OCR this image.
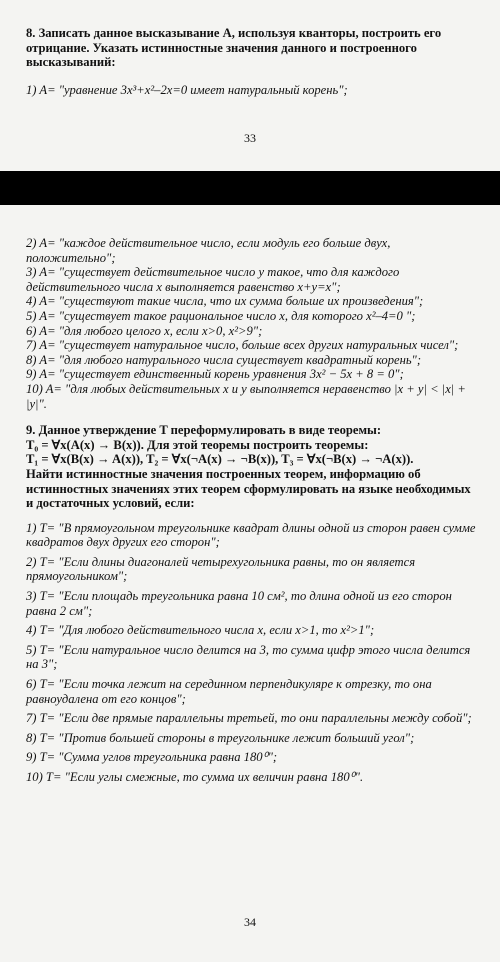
8. Записать данное высказывание A, используя кванторы, построить его отрицание. Указать истинностные значения данного и построенного высказываний:

1) A= "уравнение 3x³+x²–2x=0 имеет натуральный корень";

33

2) A= "каждое действительное число, если модуль его больше двух, положительно";

3) A= "существует действительное число y такое, что для каждого действительного числа x выполняется равенство x+y=x";

4) A= "существуют такие числа, что их сумма больше их произведения";

5) A= "существует такое рациональное число x, для которого x²–4=0 ";

6) A= "для любого целого x, если x>0, x²>9";

7) A= "существует натуральное число, больше всех других натуральных чисел";

8) A= "для любого натурального числа существует квадратный корень";

9) A= "существует единственный корень уравнения 3x² − 5x + 8 = 0";

10) A= "для любых действительных x и y выполняется неравенство |x + y| < |x| + |y|".

9. Данное утверждение T переформулировать в виде теоремы:

T₀ = ∀x(A(x) → B(x)). Для этой теоремы построить теоремы:

T₁ = ∀x(B(x) → A(x)), T₂ = ∀x(¬A(x) → ¬B(x)), T₃ = ∀x(¬B(x) → ¬A(x)).

Найти истинностные значения построенных теорем, информацию об истинностных значениях этих теорем сформулировать на языке необходимых и достаточных условий, если:

1) T= "В прямоугольном треугольнике квадрат длины одной из сторон равен сумме квадратов двух других его сторон";

2) T= "Если длины диагоналей четырехугольника равны, то он является прямоугольником";

3) T= "Если площадь треугольника равна 10 см², то длина одной из его сторон равна 2 см";

4) T= "Для любого действительного числа x, если x>1, то x²>1";

5) T= "Если натуральное число делится на 3, то сумма цифр этого числа делится на 3";

6) T= "Если точка лежит на серединном перпендикуляре к отрезку, то она равноудалена от его концов";

7) T= "Если две прямые параллельны третьей, то они параллельны между собой";

8) T= "Против большей стороны в треугольнике лежит больший угол";

9) T= "Сумма углов треугольника равна 180⁰";

10) T= "Если углы смежные, то сумма их величин равна 180⁰".

34
